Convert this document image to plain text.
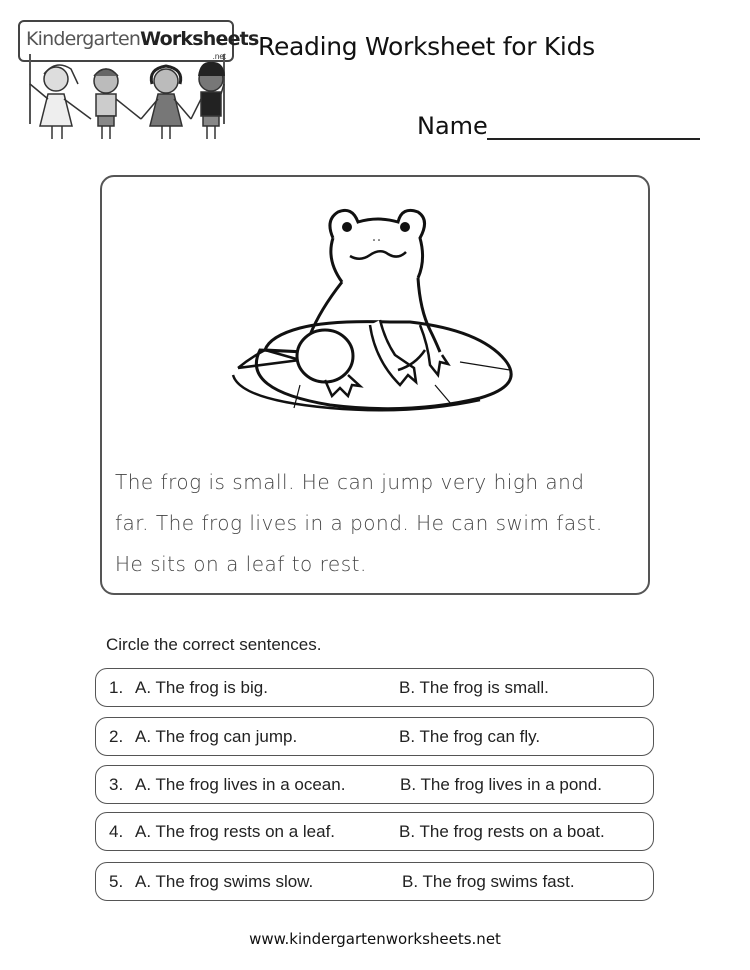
KindergartenWorksheets
.net Reading Worksheet for Kids
Name
The frog is small. He can jump very high and
far. The frog lives in a pond. He can swim fast.
He sits on a leaf to rest.
Circle the correct sentences.
1. A. The frog is big.	B. The frog is small.
2. A. The frog can jump.	B. The frog can fly.
3. A. The frog lives in a ocean.	B. The frog lives in a pond.
4. A. The frog rests on a leaf.	B. The frog rests on a boat.
5. A. The frog swims slow.	B. The frog swims fast.
www.kindergartenworksheets.net
